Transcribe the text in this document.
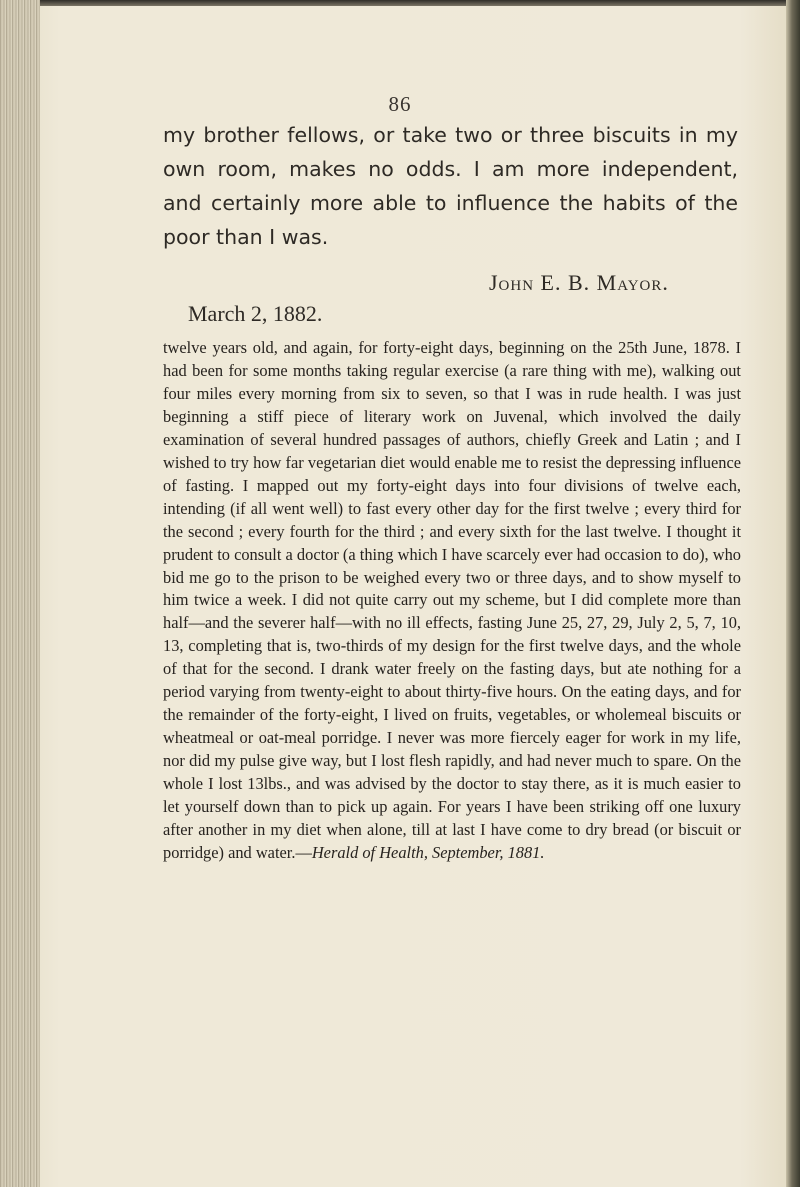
86

my brother fellows, or take two or three biscuits in my own room, makes no odds. I am more independent, and certainly more able to influence the habits of the poor than I was.

John E. B. Mayor.
March 2, 1882.

twelve years old, and again, for forty-eight days, beginning on the 25th June, 1878. I had been for some months taking regular exercise (a rare thing with me), walking out four miles every morning from six to seven, so that I was in rude health. I was just beginning a stiff piece of literary work on Juvenal, which involved the daily examination of several hundred passages of authors, chiefly Greek and Latin ; and I wished to try how far vegetarian diet would enable me to resist the depressing influence of fasting. I mapped out my forty-eight days into four divisions of twelve each, intending (if all went well) to fast every other day for the first twelve ; every third for the second ; every fourth for the third ; and every sixth for the last twelve. I thought it prudent to consult a doctor (a thing which I have scarcely ever had occasion to do), who bid me go to the prison to be weighed every two or three days, and to show myself to him twice a week. I did not quite carry out my scheme, but I did complete more than half—and the severer half—with no ill effects, fasting June 25, 27, 29, July 2, 5, 7, 10, 13, completing that is, two-thirds of my design for the first twelve days, and the whole of that for the second. I drank water freely on the fasting days, but ate nothing for a period varying from twenty-eight to about thirty-five hours. On the eating days, and for the remainder of the forty-eight, I lived on fruits, vegetables, or wholemeal biscuits or wheatmeal or oat-meal porridge. I never was more fiercely eager for work in my life, nor did my pulse give way, but I lost flesh rapidly, and had never much to spare. On the whole I lost 13lbs., and was advised by the doctor to stay there, as it is much easier to let yourself down than to pick up again. For years I have been striking off one luxury after another in my diet when alone, till at last I have come to dry bread (or biscuit or porridge) and water.—Herald of Health, September, 1881.
